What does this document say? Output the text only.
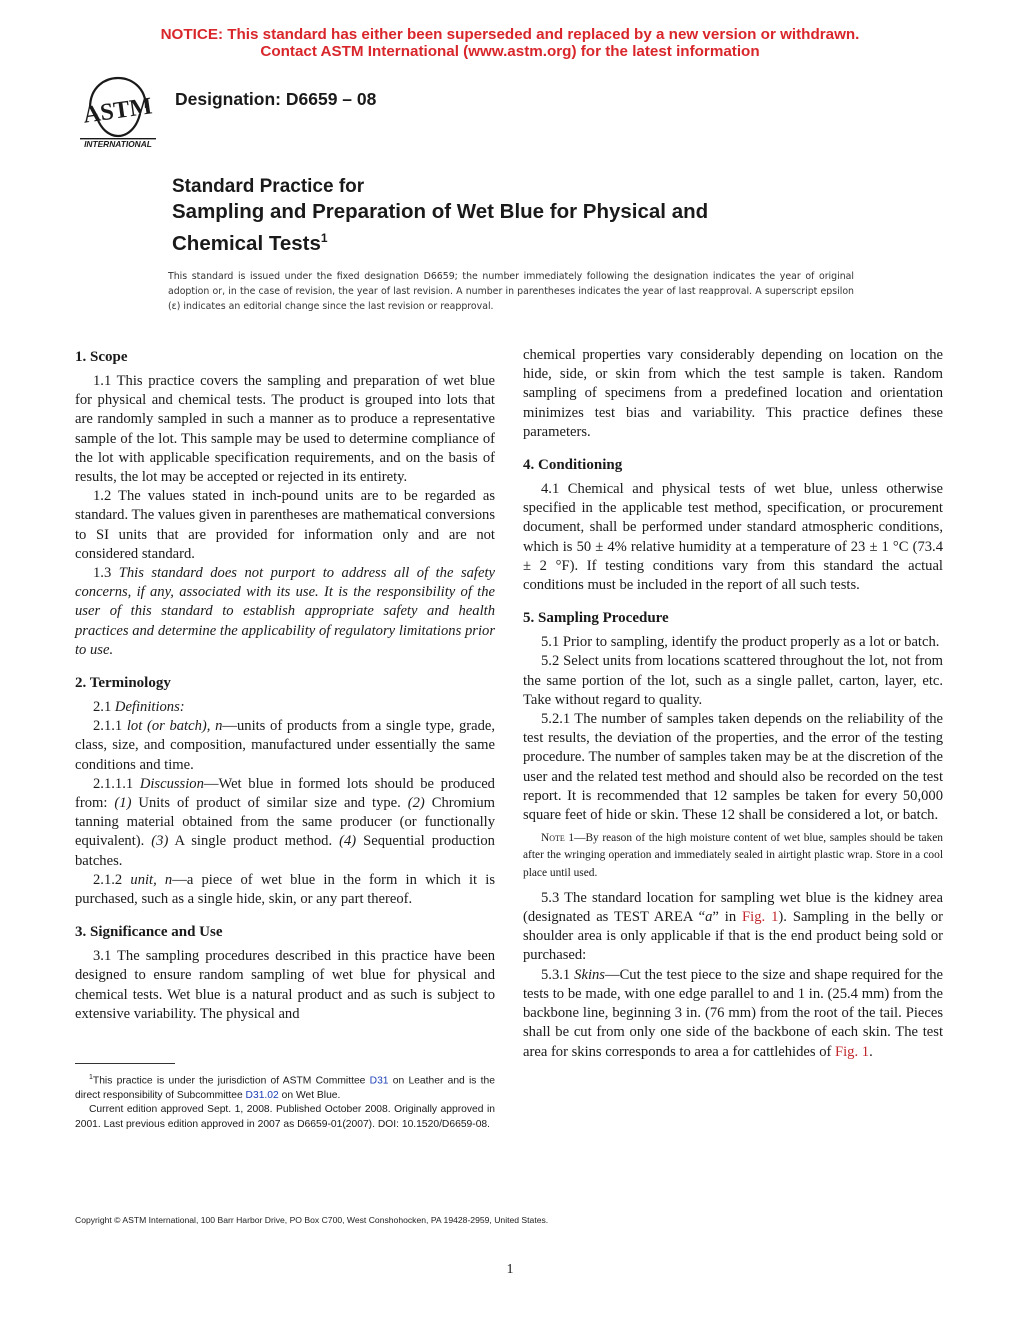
NOTICE: This standard has either been superseded and replaced by a new version or withdrawn.
Contact ASTM International (www.astm.org) for the latest information
ASTM
INTERNATIONAL
Designation: D6659 – 08
Standard Practice for
Sampling and Preparation of Wet Blue for Physical and
Chemical Tests$^1$

This standard is issued under the fixed designation D6659; the number immediately following the designation indicates the year of original adoption or, in the case of revision, the year of last revision. A number in parentheses indicates the year of last reapproval. A superscript epsilon (ε) indicates an editorial change since the last revision or reapproval.

1. Scope

1.1 This practice covers the sampling and preparation of wet blue for physical and chemical tests. The product is grouped into lots that are randomly sampled in such a manner as to produce a representative sample of the lot. This sample may be used to determine compliance of the lot with applicable specification requirements, and on the basis of results, the lot may be accepted or rejected in its entirety.

1.2 The values stated in inch-pound units are to be regarded as standard. The values given in parentheses are mathematical conversions to SI units that are provided for information only and are not considered standard.

1.3 This standard does not purport to address all of the safety concerns, if any, associated with its use. It is the responsibility of the user of this standard to establish appropriate safety and health practices and determine the applicability of regulatory limitations prior to use.

2. Terminology

2.1 Definitions:

2.1.1 lot (or batch), n—units of products from a single type, grade, class, size, and composition, manufactured under essentially the same conditions and time.

2.1.1.1 Discussion—Wet blue in formed lots should be produced from: (1) Units of product of similar size and type. (2) Chromium tanning material obtained from the same producer (or functionally equivalent). (3) A single product method. (4) Sequential production batches.

2.1.2 unit, n—a piece of wet blue in the form in which it is purchased, such as a single hide, skin, or any part thereof.

3. Significance and Use

3.1 The sampling procedures described in this practice have been designed to ensure random sampling of wet blue for physical and chemical tests. Wet blue is a natural product and as such is subject to extensive variability. The physical and

chemical properties vary considerably depending on location on the hide, side, or skin from which the test sample is taken. Random sampling of specimens from a predefined location and orientation minimizes test bias and variability. This practice defines these parameters.

4. Conditioning

4.1 Chemical and physical tests of wet blue, unless otherwise specified in the applicable test method, specification, or procurement document, shall be performed under standard atmospheric conditions, which is 50 ± 4% relative humidity at a temperature of 23 ± 1 °C (73.4 ± 2 °F). If testing conditions vary from this standard the actual conditions must be included in the report of all such tests.

5. Sampling Procedure

5.1 Prior to sampling, identify the product properly as a lot or batch.

5.2 Select units from locations scattered throughout the lot, not from the same portion of the lot, such as a single pallet, carton, layer, etc. Take without regard to quality.

5.2.1 The number of samples taken depends on the reliability of the test results, the deviation of the properties, and the error of the testing procedure. The number of samples taken may be at the discretion of the user and the related test method and should also be recorded on the test report. It is recommended that 12 samples be taken for every 50,000 square feet of hide or skin. These 12 shall be considered a lot, or batch.

Note 1—By reason of the high moisture content of wet blue, samples should be taken after the wringing operation and immediately sealed in airtight plastic wrap. Store in a cool place until used.

5.3 The standard location for sampling wet blue is the kidney area (designated as TEST AREA “a” in Fig. 1). Sampling in the belly or shoulder area is only applicable if that is the end product being sold or purchased:

5.3.1 Skins—Cut the test piece to the size and shape required for the tests to be made, with one edge parallel to and 1 in. (25.4 mm) from the backbone line, beginning 3 in. (76 mm) from the root of the tail. Pieces shall be cut from only one side of the backbone of each skin. The test area for skins corresponds to area a for cattlehides of Fig. 1.

$^1$This practice is under the jurisdiction of ASTM Committee D31 on Leather and is the direct responsibility of Subcommittee D31.02 on Wet Blue.

Current edition approved Sept. 1, 2008. Published October 2008. Originally approved in 2001. Last previous edition approved in 2007 as D6659-01(2007). DOI: 10.1520/D6659-08.

Copyright © ASTM International, 100 Barr Harbor Drive, PO Box C700, West Conshohocken, PA 19428-2959, United States.
1
